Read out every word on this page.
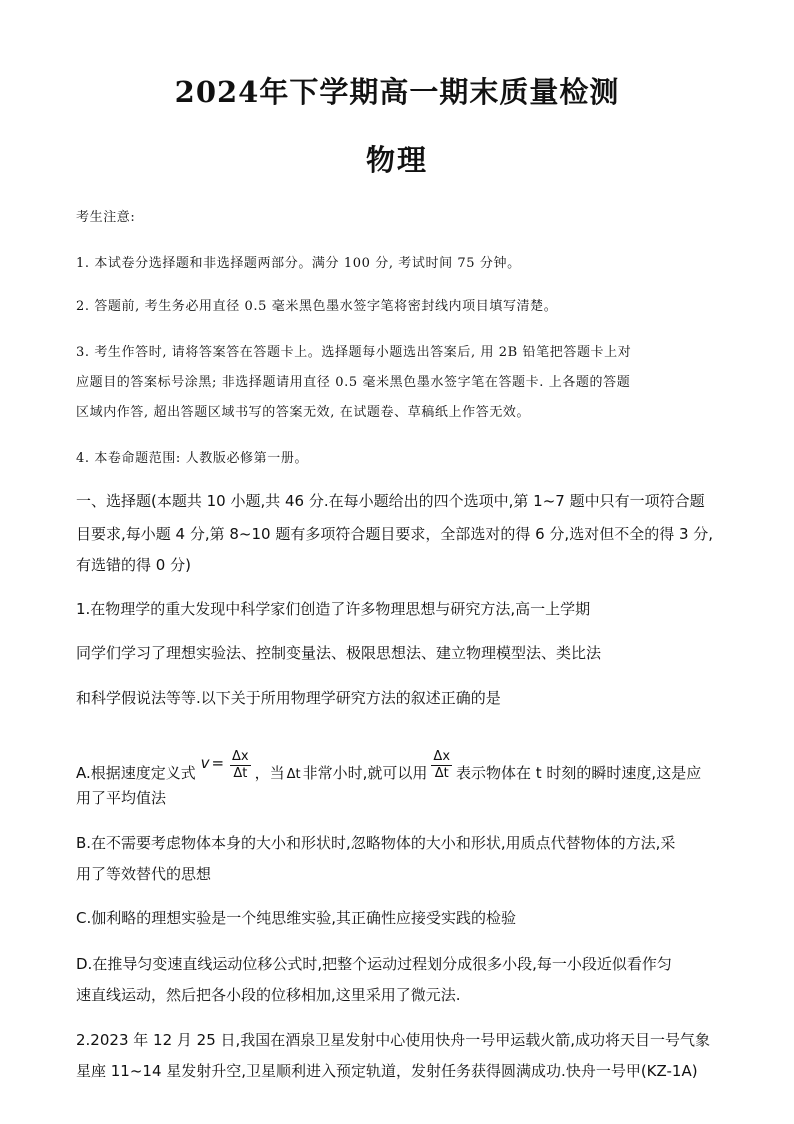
2024年下学期高一期末质量检测
物理
考生注意:
1. 本试卷分选择题和非选择题两部分。满分 100 分, 考试时间 75 分钟。
2. 答题前, 考生务必用直径 0.5 毫米黑色墨水签字笔将密封线内项目填写清楚。
3. 考生作答时, 请将答案答在答题卡上。选择题每小题选出答案后, 用 2B 铅笔把答题卡上对
应题目的答案标号涂黑; 非选择题请用直径 0.5 毫米黑色墨水签字笔在答题卡. 上各题的答题
区域内作答, 超出答题区域书写的答案无效, 在试题卷、草稿纸上作答无效。
4. 本卷命题范围: 人教版必修第一册。
一、选择题(本题共 10 小题,共 46 分.在每小题给出的四个选项中,第 1~7 题中只有一项符合题
目要求,每小题 4 分,第 8~10 题有多项符合题目要求，全部选对的得 6 分,选对但不全的得 3 分,
有选错的得 0 分)
1.在物理学的重大发现中科学家们创造了许多物理思想与研究方法,高一上学期
同学们学习了理想实验法、控制变量法、极限思想法、建立物理模型法、类比法
和科学假说法等等.以下关于所用物理学研究方法的叙述正确的是
A.根据速度定义式 $v = \frac{\Delta x}{\Delta t}$ ，当 Δt 非常小时,就可以用 $\frac{\Delta x}{\Delta t}$ 表示物体在 t 时刻的瞬时速度,这是应
用了平均值法
B.在不需要考虑物体本身的大小和形状时,忽略物体的大小和形状,用质点代替物体的方法,采
用了等效替代的思想
C.伽利略的理想实验是一个纯思维实验,其正确性应接受实践的检验
D.在推导匀变速直线运动位移公式时,把整个运动过程划分成很多小段,每一小段近似看作匀
速直线运动，然后把各小段的位移相加,这里采用了微元法.
2.2023 年 12 月 25 日,我国在酒泉卫星发射中心使用快舟一号甲运载火箭,成功将天目一号气象
星座 11~14 星发射升空,卫星顺利进入预定轨道，发射任务获得圆满成功.快舟一号甲(KZ-1A)
